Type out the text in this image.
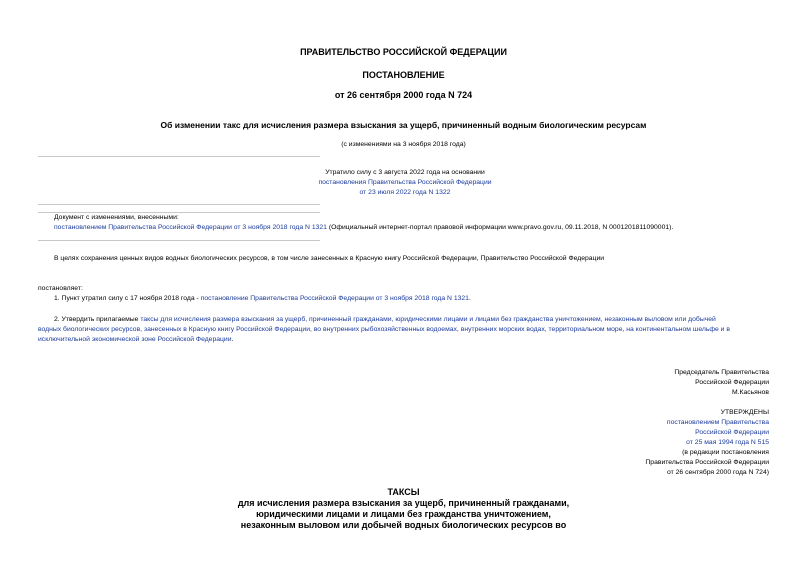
ПРАВИТЕЛЬСТВО РОССИЙСКОЙ ФЕДЕРАЦИИ
ПОСТАНОВЛЕНИЕ
от 26 сентября 2000 года N 724
Об изменении такс для исчисления размера взыскания за ущерб, причиненный водным биологическим ресурсам
(с изменениями на 3 ноября 2018 года)
Утратило силу с 3 августа 2022 года на основании
постановления Правительства Российской Федерации
от 23 июля 2022 года N 1322
Документ с изменениями, внесенными:
постановлением Правительства Российской Федерации от 3 ноября 2018 года N 1321 (Официальный интернет-портал правовой информации www.pravo.gov.ru, 09.11.2018, N 0001201811090001).
В целях сохранения ценных видов водных биологических ресурсов, в том числе занесенных в Красную книгу Российской Федерации, Правительство Российской Федерации
постановляет:
1. Пункт утратил силу с 17 ноября 2018 года - постановление Правительства Российской Федерации от 3 ноября 2018 года N 1321.
2. Утвердить прилагаемые таксы для исчисления размера взыскания за ущерб, причиненный гражданами, юридическими лицами и лицами без гражданства уничтожением, незаконным выловом или добычей
водных биологических ресурсов, занесенных в Красную книгу Российской Федерации, во внутренних рыбохозяйственных водоемах, внутренних морских водах, территориальном море, на континентальном шельфе и в
исключительной экономической зоне Российской Федерации.
Председатель Правительства
Российской Федерации
М.Касьянов
УТВЕРЖДЕНЫ
постановлением Правительства
Российской Федерации
от 25 мая 1994 года N 515
(в редакции постановления
Правительства Российской Федерации
от 26 сентября 2000 года N 724)
ТАКСЫ
для исчисления размера взыскания за ущерб, причиненный гражданами,
юридическими лицами и лицами без гражданства уничтожением,
незаконным выловом или добычей водных биологических ресурсов во
